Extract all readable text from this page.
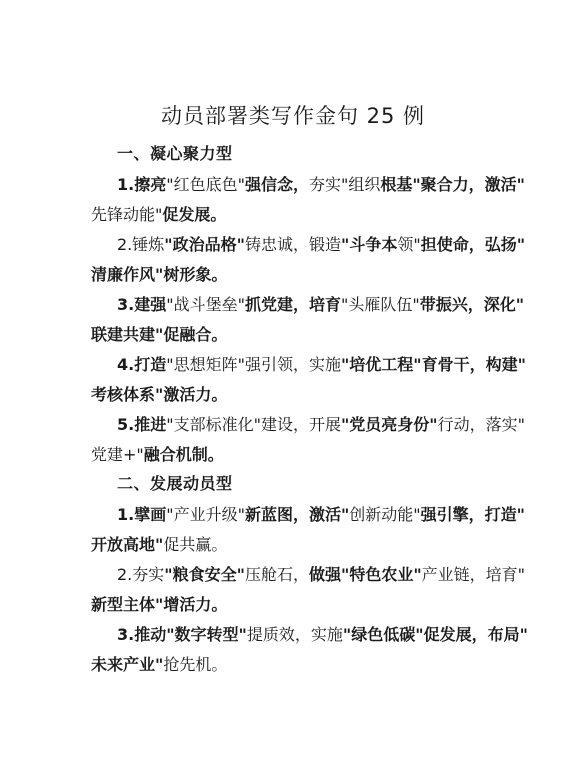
动员部署类写作金句 25 例
一、凝心聚力型
1.擦亮"红色底色"强信念，夯实"组织根基"聚合力，激活"
先锋动能"促发展。
2.锤炼"政治品格"铸忠诚，锻造"斗争本领"担使命，弘扬"
清廉作风"树形象。
3.建强"战斗堡垒"抓党建，培育"头雁队伍"带振兴，深化"
联建共建"促融合。
4.打造"思想矩阵"强引领，实施"培优工程"育骨干，构建"
考核体系"激活力。
5.推进"支部标准化"建设，开展"党员亮身份"行动，落实"
党建+"融合机制。
二、发展动员型
1.擘画"产业升级"新蓝图，激活"创新动能"强引擎，打造"
开放高地"促共赢。
2.夯实"粮食安全"压舱石，做强"特色农业"产业链，培育"
新型主体"增活力。
3.推动"数字转型"提质效，实施"绿色低碳"促发展，布局"
未来产业"抢先机。
